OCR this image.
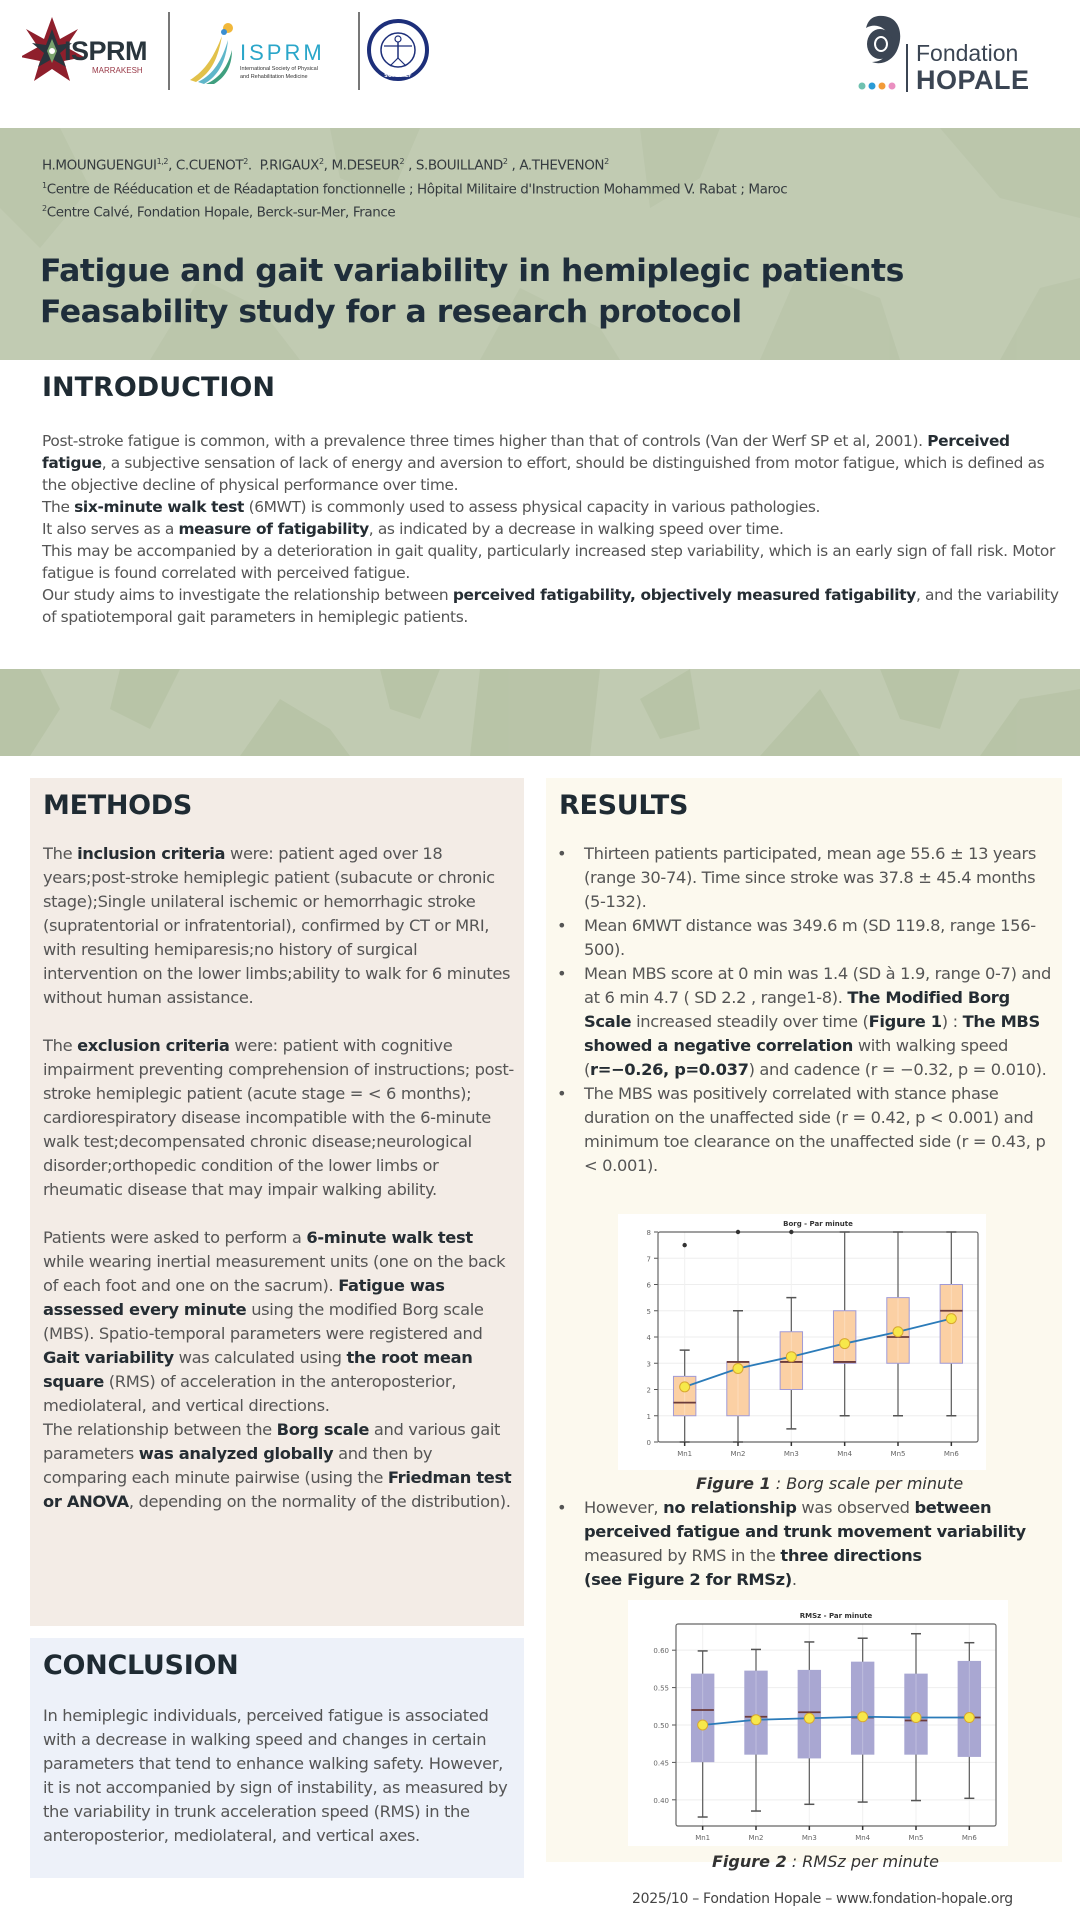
ISPRM
MARRAKESH
ISPRM
International Society of Physical
and Rehabilitation Medicine	SOMAREF
Fondation
HOPALE
H.MOUNGUENGUI$^{1,2}$, C.CUENOT$^2$.  P.RIGAUX$^2$, M.DESEUR$^2$ , S.BOUILLAND$^2$ , A.THEVENON$^2$
$^1$Centre de Rééducation et de Réadaptation fonctionnelle ; Hôpital Militaire d'Instruction Mohammed V. Rabat ; Maroc
$^2$Centre Calvé, Fondation Hopale, Berck-sur-Mer, France
Fatigue and gait variability in hemiplegic patients
Feasability study for a research protocol
INTRODUCTION
Post-stroke fatigue is common, with a prevalence three times higher than that of controls (Van der Werf SP et al, 2001). Perceived fatigue, a subjective sensation of lack of energy and aversion to effort, should be distinguished from motor fatigue, which is defined as the objective decline of physical performance over time.
The six-minute walk test (6MWT) is commonly used to assess physical capacity in various pathologies.
It also serves as a measure of fatigability, as indicated by a decrease in walking speed over time.
This may be accompanied by a deterioration in gait quality, particularly increased step variability, which is an early sign of fall risk. Motor fatigue is found correlated with perceived fatigue.
Our study aims to investigate the relationship between perceived fatigability, objectively measured fatigability, and the variability of spatiotemporal gait parameters in hemiplegic patients.
METHODS

The inclusion criteria were: patient aged over 18 years;post-stroke hemiplegic patient (subacute or chronic stage);Single unilateral ischemic or hemorrhagic stroke (supratentorial or infratentorial), confirmed by CT or MRI, with resulting hemiparesis;no history of surgical intervention on the lower limbs;ability to walk for 6 minutes without human assistance.

The exclusion criteria were: patient with cognitive impairment preventing comprehension of instructions; post-stroke hemiplegic patient (acute stage = < 6 months); cardiorespiratory disease incompatible with the 6-minute walk test;decompensated chronic disease;neurological disorder;orthopedic condition of the lower limbs or rheumatic disease that may impair walking ability.

Patients were asked to perform a 6-minute walk test while wearing inertial measurement units (one on the back of each foot and one on the sacrum). Fatigue was assessed every minute using the modified Borg scale (MBS). Spatio-temporal parameters were registered and Gait variability was calculated using the root mean square (RMS) of acceleration in the anteroposterior, mediolateral, and vertical directions.
The relationship between the Borg scale and various gait parameters was analyzed globally and then by comparing each minute pairwise (using the Friedman test or ANOVA, depending on the normality of the distribution).

CONCLUSION
In hemiplegic individuals, perceived fatigue is associated with a decrease in walking speed and changes in certain parameters that tend to enhance walking safety. However, it is not accompanied by sign of instability, as measured by the variability in trunk acceleration speed (RMS) in the anteroposterior, mediolateral, and vertical axes.
RESULTS
• Thirteen patients participated, mean age 55.6 ± 13 years (range 30-74). Time since stroke was 37.8 ± 45.4 months (5-132).
• Mean 6MWT distance was 349.6 m (SD 119.8, range 156-500).
• Mean MBS score at 0 min was 1.4 (SD à 1.9, range 0-7) and at 6 min 4.7 ( SD 2.2 , range1-8). The Modified Borg Scale increased steadily over time (Figure 1) : The MBS showed a negative correlation with walking speed (r=−0.26, p=0.037) and cadence (r = −0.32, p = 0.010).
• The MBS was positively correlated with stance phase duration on the unaffected side (r = 0.42, p < 0.001) and minimum toe clearance on the unaffected side (r = 0.43, p < 0.001).
Borg - Par minute
0
1
2
3
4
5
6
7
8
Mn1	Mn2	Mn3	Mn4	Mn5	Mn6
Figure 1 : Borg scale per minute
• However, no relationship was observed between perceived fatigue and trunk movement variability measured by RMS in the three directions
(see Figure 2 for RMSz).
RMSz - Par minute
0.40
0.45
0.50
0.55
0.60
Mn1	Mn2	Mn3	Mn4	Mn5	Mn6
Figure 2 : RMSz per minute
2025/10 – Fondation Hopale – www.fondation-hopale.org
